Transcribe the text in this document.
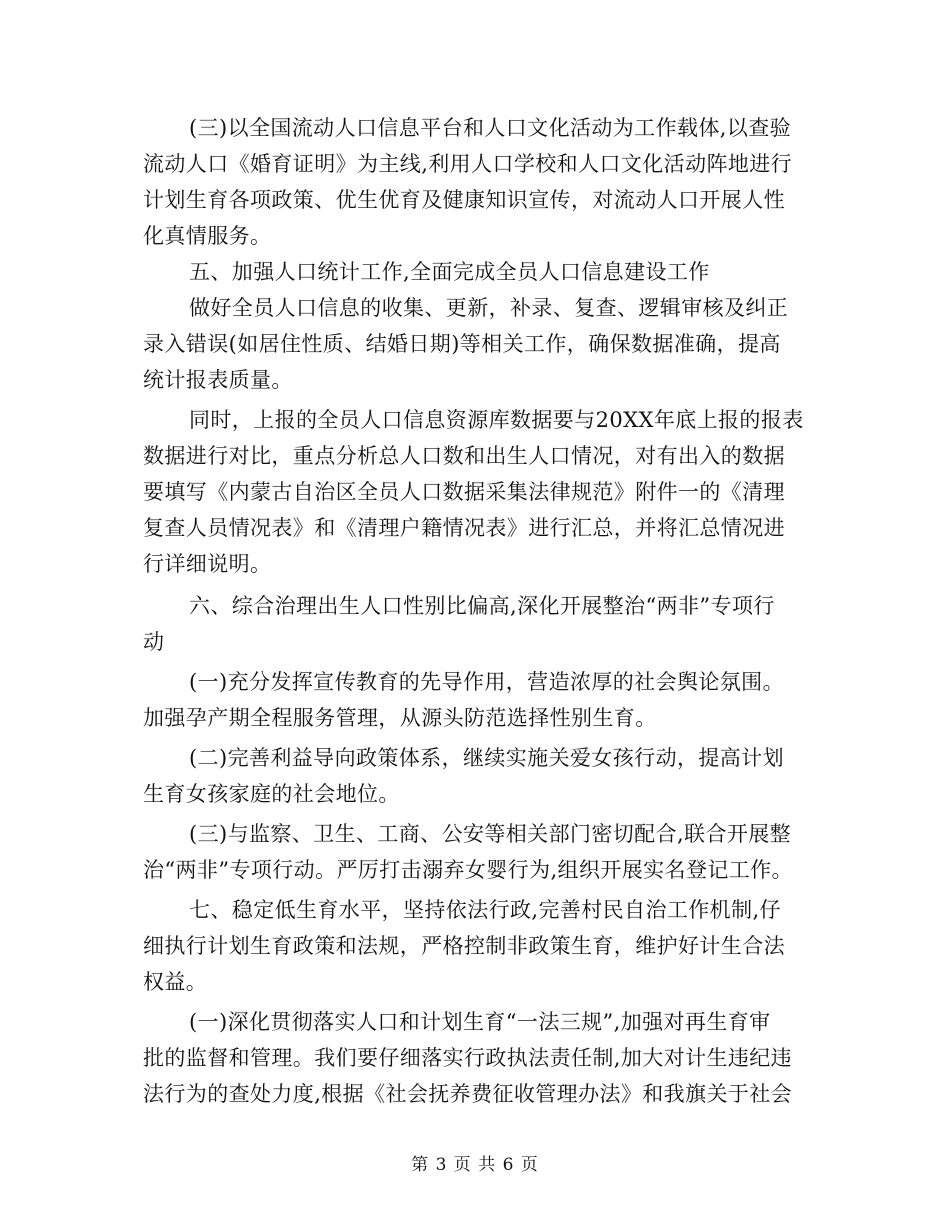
(三)以全国流动人口信息平台和人口文化活动为工作载体,以查验
流动人口《婚育证明》为主线,利用人口学校和人口文化活动阵地进行
计划生育各项政策、优生优育及健康知识宣传，对流动人口开展人性
化真情服务。
五、加强人口统计工作,全面完成全员人口信息建设工作
做好全员人口信息的收集、更新，补录、复查、逻辑审核及纠正
录入错误(如居住性质、结婚日期)等相关工作，确保数据准确，提高
统计报表质量。
同时，上报的全员人口信息资源库数据要与20XX年底上报的报表
数据进行对比，重点分析总人口数和出生人口情况，对有出入的数据
要填写《内蒙古自治区全员人口数据采集法律规范》附件一的《清理
复查人员情况表》和《清理户籍情况表》进行汇总，并将汇总情况进
行详细说明。
六、综合治理出生人口性别比偏高,深化开展整治“两非”专项行
动
(一)充分发挥宣传教育的先导作用，营造浓厚的社会舆论氛围。
加强孕产期全程服务管理，从源头防范选择性别生育。
(二)完善利益导向政策体系，继续实施关爱女孩行动，提高计划
生育女孩家庭的社会地位。
(三)与监察、卫生、工商、公安等相关部门密切配合,联合开展整
治“两非”专项行动。严厉打击溺弃女婴行为,组织开展实名登记工作。
七、稳定低生育水平，坚持依法行政,完善村民自治工作机制,仔
细执行计划生育政策和法规，严格控制非政策生育，维护好计生合法
权益。
(一)深化贯彻落实人口和计划生育“一法三规”,加强对再生育审
批的监督和管理。我们要仔细落实行政执法责任制,加大对计生违纪违
法行为的查处力度,根据《社会抚养费征收管理办法》和我旗关于社会
第 3 页 共 6 页
